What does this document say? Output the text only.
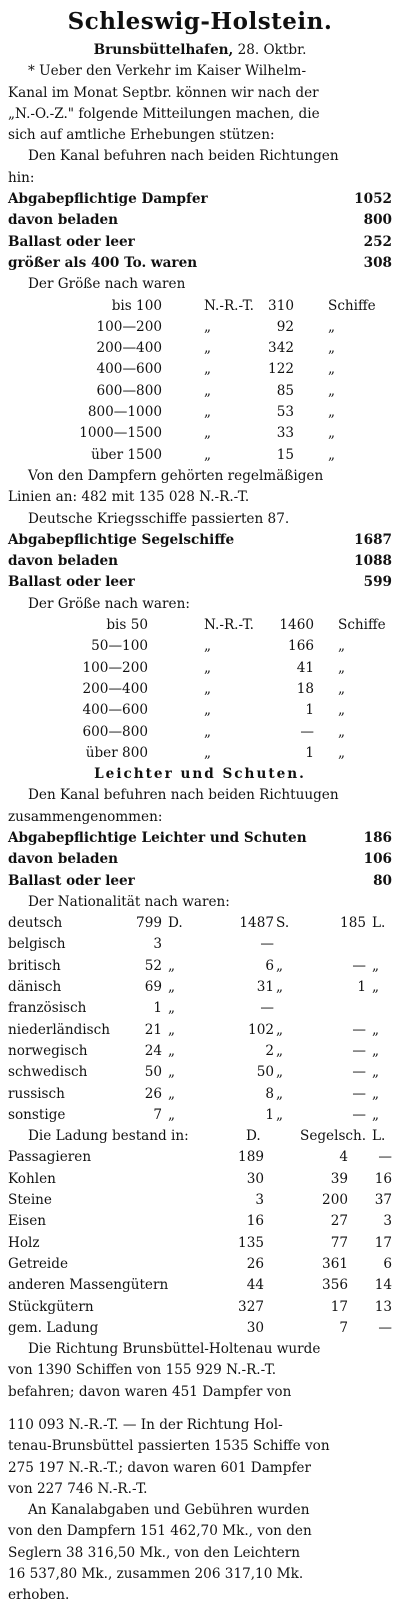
Schleswig-Holstein.
Brunsbüttelhafen, 28. Oktbr.
* Ueber den Verkehr im Kaiser Wilhelm-
Kanal im Monat Septbr. können wir nach der
„N.-O.-Z." folgende Mitteilungen machen, die
sich auf amtliche Erhebungen stützen:
Den Kanal befuhren nach beiden Richtungen
hin:
Abgabepflichtige Dampfer	1052
davon beladen	800
Ballast oder leer	252
größer als 400 To. waren	308
Der Größe nach waren
bis 100	N.-R.-T. 310	Schiffe
100—200	„	92	„
200—400	„	342	„
400—600	„	122	„
600—800	„	85	„
800—1000	„	53	„
1000—1500	„	33	„
über 1500	„	15	„
Von den Dampfern gehörten regelmäßigen
Linien an: 482 mit 135 028 N.-R.-T.
Deutsche Kriegsschiffe passierten 87.
Abgabepflichtige Segelschiffe	1687
davon beladen	1088
Ballast oder leer	599
Der Größe nach waren:
bis 50	N.-R.-T. 1460 Schiffe
50—100	„	166 „
100—200	„	41 „
200—400	„	18 „
400—600	„	1 „
600—800	„	— „
über 800	„	1 „
Leichter und Schuten.
Den Kanal befuhren nach beiden Richtuugen
zusammengenommen:
Abgabepflichtige Leichter und Schuten	186
davon beladen	106
Ballast oder leer	80
Der Nationalität nach waren:
deutsch	799 D.	1487 S.	185 L.
belgisch	3	—
britisch	52 „	6 „	— „
dänisch	69 „	31 „	1 „
französisch	1 „	—
niederländisch	21 „	102 „	— „
norwegisch	24 „	2 „	— „
schwedisch	50 „	50 „	— „
russisch	26 „	8 „	— „
sonstige	7 „	1 „	— „
Die Ladung bestand in:	D.	Segelsch. L.
Passagieren	189	4 —
Kohlen	30	39 16
Steine	3	200 37
Eisen	16	27	3
Holz	135	77 17
Getreide	26	361	6
anderen Massengütern	44	356 14
Stückgütern	327	17 13
gem. Ladung	30	7 —
Die Richtung Brunsbüttel-Holtenau wurde
von 1390 Schiffen von 155 929 N.-R.-T.
befahren; davon waren 451 Dampfer von
110 093 N.-R.-T. — In der Richtung Hol-
tenau-Brunsbüttel passierten 1535 Schiffe von
275 197 N.-R.-T.; davon waren 601 Dampfer
von 227 746 N.-R.-T.
An Kanalabgaben und Gebühren wurden
von den Dampfern 151 462,70 Mk., von den
Seglern 38 316,50 Mk., von den Leichtern
16 537,80 Mk., zusammen 206 317,10 Mk.
erhoben.
